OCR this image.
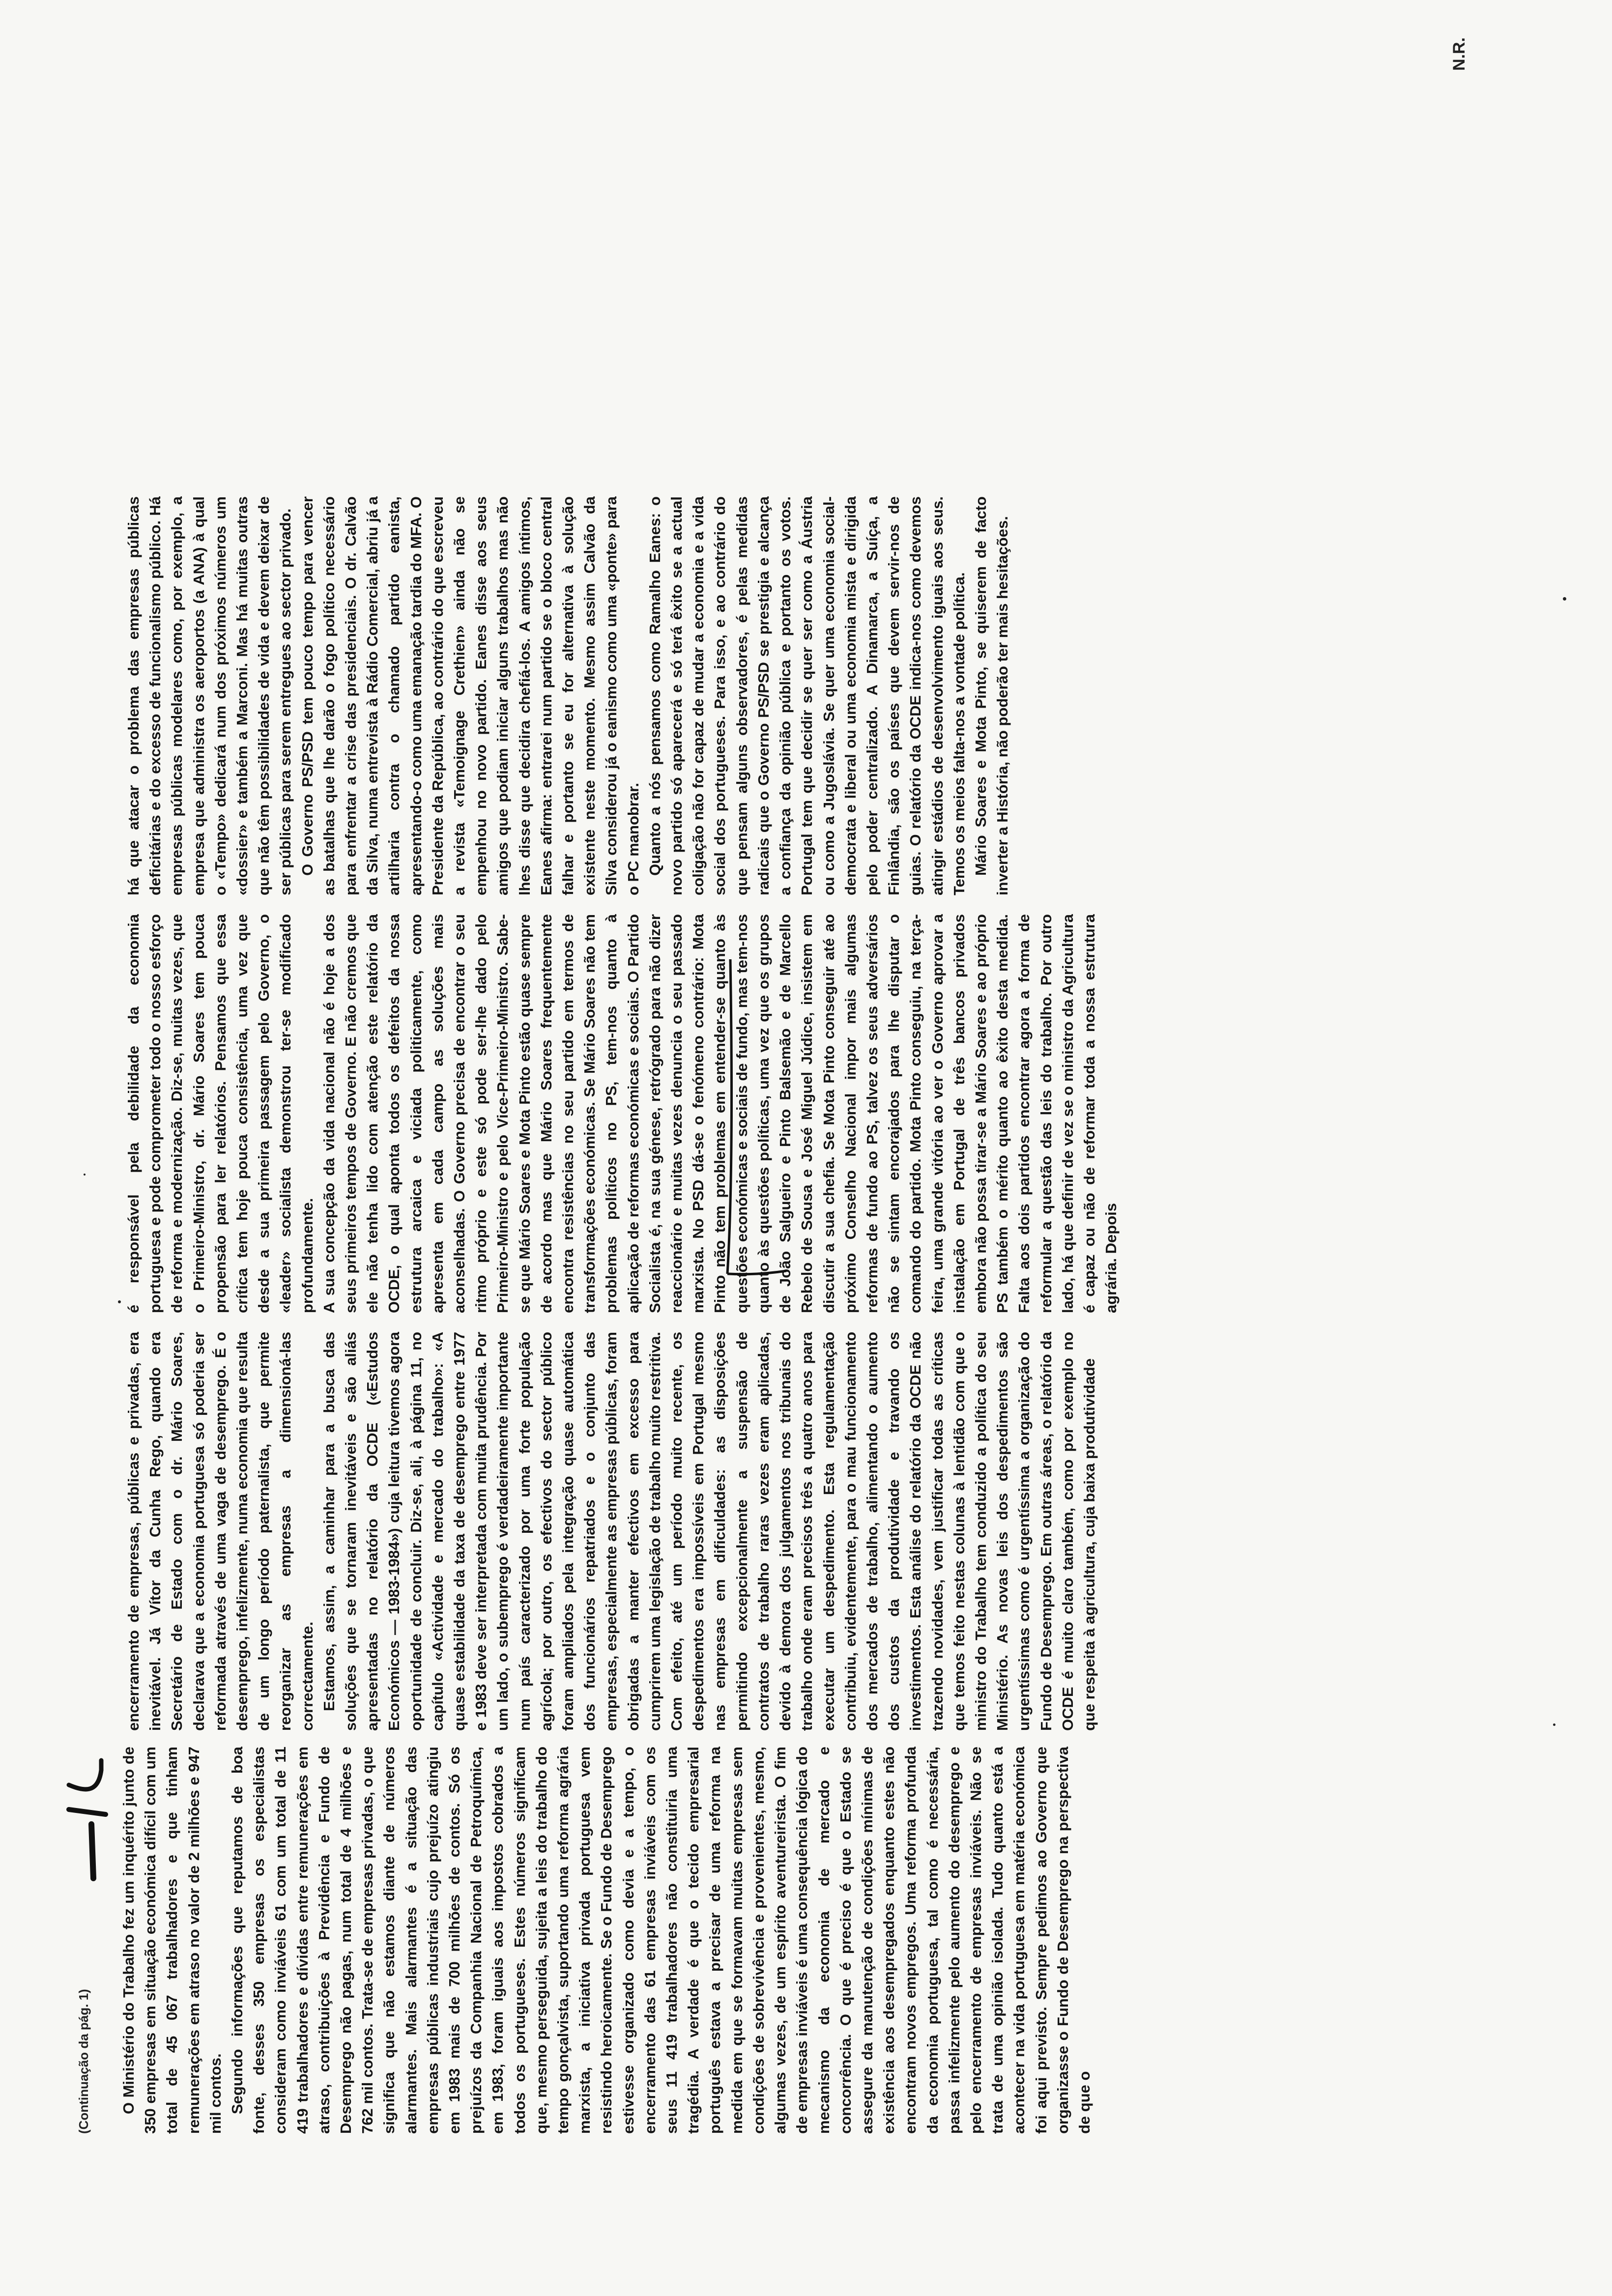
(Continuação da pág. 1) O Ministério do Trabalho fez um inquérito junto de 350 empresas em situação económica difícil com um total de 45 067 trabalhadores e que tinham remunerações em atraso no valor de 2 milhões e 947 mil contos. Segundo informações que reputamos de boa fonte, desses 350 empresas os especialistas consideram como inviáveis 61 com um total de 11 419 trabalhadores e dívidas entre remunerações em atraso, contribuições à Previdência e Fundo de Desemprego não pagas, num total de 4 milhões e 762 mil contos. Trata-se de empresas privadas, o que significa que não estamos diante de números alarmantes. Mais alarmantes é a situação das empresas públicas industriais cujo prejuízo atingiu em 1983 mais de 700 milhões de contos. Só os prejuízos da Companhia Nacional de Petroquímica, em 1983, foram iguais aos impostos cobrados a todos os portugueses. Estes números significam que, mesmo perseguida, sujeita a leis do trabalho do tempo gonçalvista, suportando uma reforma agrária marxista, a iniciativa privada portuguesa vem resistindo heroicamente. Se o Fundo de Desemprego estivesse organizado como devia e a tempo, o encerramento das 61 empresas inviáveis com os seus 11 419 trabalhadores não constituiria uma tragédia. A verdade é que o tecido empresarial português estava a precisar de uma reforma na medida em que se formavam muitas empresas sem condições de sobrevivência e provenientes, mesmo, algumas vezes, de um espírito aventureirista. O fim de empresas inviáveis é uma consequência lógica do mecanismo da economia de mercado e concorrência. O que é preciso é que o Estado se assegure da manutenção de condições mínimas de existência aos desempregados enquanto estes não encontram novos empregos. Uma reforma profunda da economia portuguesa, tal como é necessária, passa infelizmente pelo aumento do desemprego e pelo encerramento de empresas inviáveis. Não se trata de uma opinião isolada. Tudo quanto está a acontecer na vida portuguesa em matéria económica foi aqui previsto. Sempre pedimos ao Governo que organizasse o Fundo de Desemprego na perspectiva de que o

encerramento de empresas, públicas e privadas, era inevitável. Já Vítor da Cunha Rego, quando era Secretário de Estado com o dr. Mário Soares, declarava que a economia portuguesa só poderia ser reformada através de uma vaga de desemprego. É o desemprego, infelizmente, numa economia que resulta de um longo período paternalista, que permite reorganizar as empresas a dimensioná-las correctamente. Estamos, assim, a caminhar para a busca das soluções que se tornaram inevitáveis e são aliás apresentadas no relatório da OCDE («Estudos Económicos — 1983-1984») cuja leitura tivemos agora oportunidade de concluir. Diz-se, ali, à página 11, no capítulo «Actividade e mercado do trabalho»: «A quase estabilidade da taxa de desemprego entre 1977 e 1983 deve ser interpretada com muita prudência. Por um lado, o subemprego é verdadeiramente importante num país caracterizado por uma forte população agrícola; por outro, os efectivos do sector público foram ampliados pela integração quase automática dos funcionários repatriados e o conjunto das empresas, especialmente as empresas públicas, foram obrigadas a manter efectivos em excesso para cumprirem uma legislação de trabalho muito restritiva. Com efeito, até um período muito recente, os despedimentos era impossíveis em Portugal mesmo nas empresas em dificuldades: as disposições permitindo excepcionalmente a suspensão de contratos de trabalho raras vezes eram aplicadas, devido à demora dos julgamentos nos tribunais do trabalho onde eram precisos três a quatro anos para executar um despedimento. Esta regulamentação contribuiu, evidentemente, para o mau funcionamento dos mercados de trabalho, alimentando o aumento dos custos da produtividade e travando os investimentos. Esta análise do relatório da OCDE não trazendo novidades, vem justificar todas as críticas que temos feito nestas colunas à lentidão com que o ministro do Trabalho tem conduzido a política do seu Ministério. As novas leis dos despedimentos são urgentíssimas como é urgentíssima a organização do Fundo de Desemprego. Em outras áreas, o relatório da OCDE é muito claro também, como por exemplo no que respeita à agricultura, cuja baixa produtividade

é responsável pela debilidade da economia portuguesa e pode comprometer todo o nosso esforço de reforma e modernização. Diz-se, muitas vezes, que o Primeiro-Ministro, dr. Mário Soares tem pouca propensão para ler relatórios. Pensamos que essa crítica tem hoje pouca consistência, uma vez que desde a sua primeira passagem pelo Governo, o «leader» socialista demonstrou ter-se modificado profundamente. A sua concepção da vida nacional não é hoje a dos seus primeiros tempos de Governo. E não cremos que ele não tenha lido com atenção este relatório da OCDE, o qual aponta todos os defeitos da nossa estrutura arcaica e viciada politicamente, como apresenta em cada campo as soluções mais aconselhadas. O Governo precisa de encontrar o seu ritmo próprio e este só pode ser-lhe dado pelo Primeiro-Ministro e pelo Vice-Primeiro-Ministro. Sabe-se que Mário Soares e Mota Pinto estão quase sempre de acordo mas que Mário Soares frequentemente encontra resistências no seu partido em termos de transformações económicas. Se Mário Soares não tem problemas políticos no PS, tem-nos quanto à aplicação de reformas económicas e sociais. O Partido Socialista é, na sua génese, retrógrado para não dizer reaccionário e muitas vezes denuncia o seu passado marxista. No PSD dá-se o fenómeno contrário: Mota Pinto não tem problemas em entender-se quanto às questões económicas e sociais de fundo, mas tem-nos quanto às questões políticas, uma vez que os grupos de João Salgueiro e Pinto Balsemão e de Marcello Rebelo de Sousa e José Miguel Júdice, insistem em discutir a sua chefia. Se Mota Pinto conseguir até ao próximo Conselho Nacional impor mais algumas reformas de fundo ao PS, talvez os seus adversários não se sintam encorajados para lhe disputar o comando do partido. Mota Pinto conseguiu, na terça-feira, uma grande vitória ao ver o Governo aprovar a instalação em Portugal de três bancos privados embora não possa tirar-se a Mário Soares e ao próprio PS também o mérito quanto ao êxito desta medida. Falta aos dois partidos encontrar agora a forma de reformular a questão das leis do trabalho. Por outro lado, há que definir de vez se o ministro da Agricultura é capaz ou não de reformar toda a nossa estrutura agrária. Depois

há que atacar o problema das empresas públicas deficitárias e do excesso de funcionalismo público. Há empresas públicas modelares como, por exemplo, a empresa que administra os aeroportos (a ANA) à qual o «Tempo» dedicará num dos próximos números um «dossier» e também a Marconi. Mas há muitas outras que não têm possibilidades de vida e devem deixar de ser públicas para serem entregues ao sector privado. O Governo PS/PSD tem pouco tempo para vencer as batalhas que lhe darão o fogo político necessário para enfrentar a crise das presidenciais. O dr. Calvão da Silva, numa entrevista à Rádio Comercial, abriu já a artilharia contra o chamado partido eanista, apresentando-o como uma emanação tardia do MFA. O Presidente da República, ao contrário do que escreveu a revista «Temoignage Crethien» ainda não se empenhou no novo partido. Eanes disse aos seus amigos que podiam iniciar alguns trabalhos mas não lhes disse que decidira chefiá-los. A amigos íntimos, Eanes afirma: entrarei num partido se o bloco central falhar e portanto se eu for alternativa à solução existente neste momento. Mesmo assim Calvão da Silva considerou já o eanismo como uma «ponte» para o PC manobrar. Quanto a nós pensamos como Ramalho Eanes: o novo partido só aparecerá e só terá êxito se a actual coligação não for capaz de mudar a economia e a vida social dos portugueses. Para isso, e ao contrário do que pensam alguns observadores, é pelas medidas radicais que o Governo PS/PSD se prestigia e alcança a confiança da opinião pública e portanto os votos. Portugal tem que decidir se quer ser como a Áustria ou como a Jugoslávia. Se quer uma economia social-democrata e liberal ou uma economia mista e dirigida pelo poder centralizado. A Dinamarca, a Suíça, a Finlândia, são os países que devem servir-nos de guias. O relatório da OCDE indica-nos como devemos atingir estádios de desenvolvimento iguais aos seus. Temos os meios falta-nos a vontade política. Mário Soares e Mota Pinto, se quiserem de facto inverter a História, não poderão ter mais hesitações.

N.R.
